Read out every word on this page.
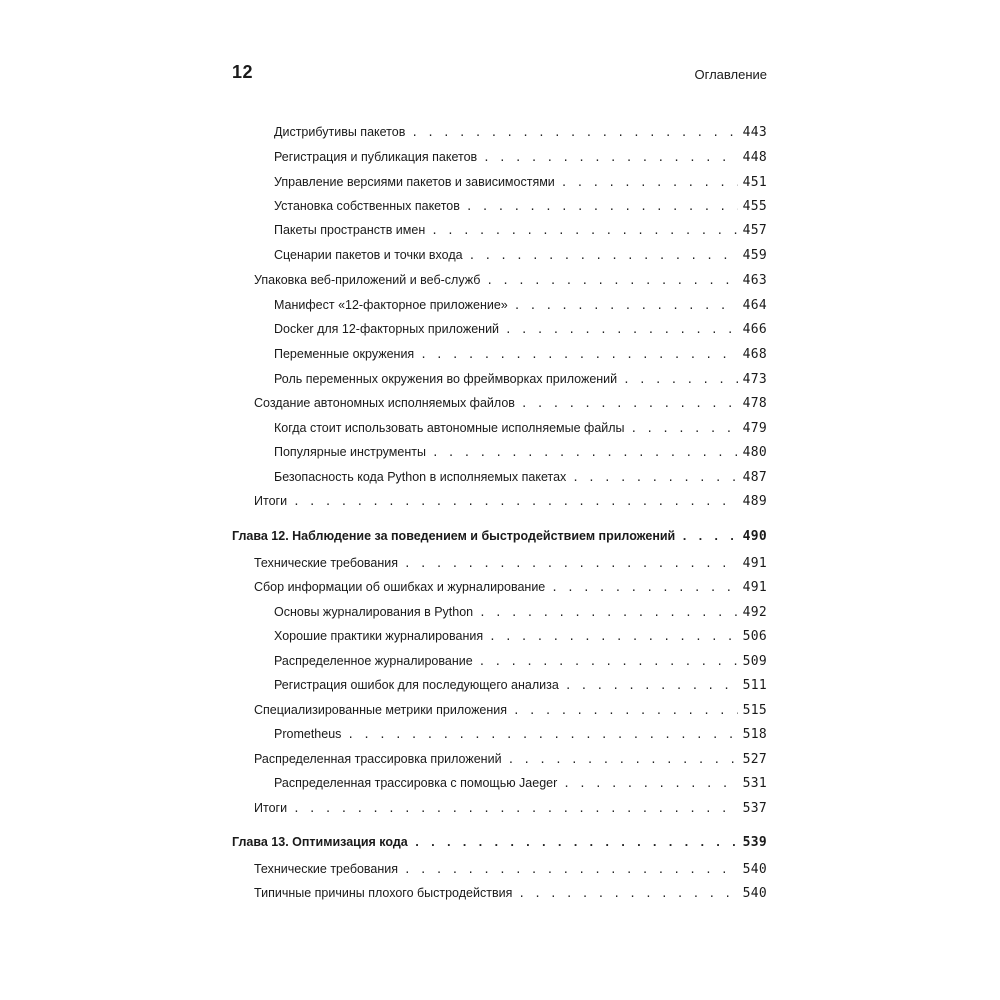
12	Оглавление
Дистрибутивы пакетов . . .	443
Регистрация и публикация пакетов . . .	448
Управление версиями пакетов и зависимостями . . .	451
Установка собственных пакетов . . .	455
Пакеты пространств имен . . .	457
Сценарии пакетов и точки входа . . .	459
Упаковка веб-приложений и веб-служб . . .	463
Манифест «12-факторное приложение» . . .	464
Docker для 12-факторных приложений . . .	466
Переменные окружения . . .	468
Роль переменных окружения во фреймворках приложений . . .	473
Создание автономных исполняемых файлов . . .	478
Когда стоит использовать автономные исполняемые файлы . . .	479
Популярные инструменты . . .	480
Безопасность кода Python в исполняемых пакетах . . .	487
Итоги . . .	489
Глава 12. Наблюдение за поведением и быстродействием приложений . . .	490
Технические требования . . .	491
Сбор информации об ошибках и журналирование . . .	491
Основы журналирования в Python . . .	492
Хорошие практики журналирования . . .	506
Распределенное журналирование . . .	509
Регистрация ошибок для последующего анализа . . .	511
Специализированные метрики приложения . . .	515
Prometheus . . .	518
Распределенная трассировка приложений . . .	527
Распределенная трассировка с помощью Jaeger . . .	531
Итоги . . .	537
Глава 13. Оптимизация кода . . .	539
Технические требования . . .	540
Типичные причины плохого быстродействия . . .	540
